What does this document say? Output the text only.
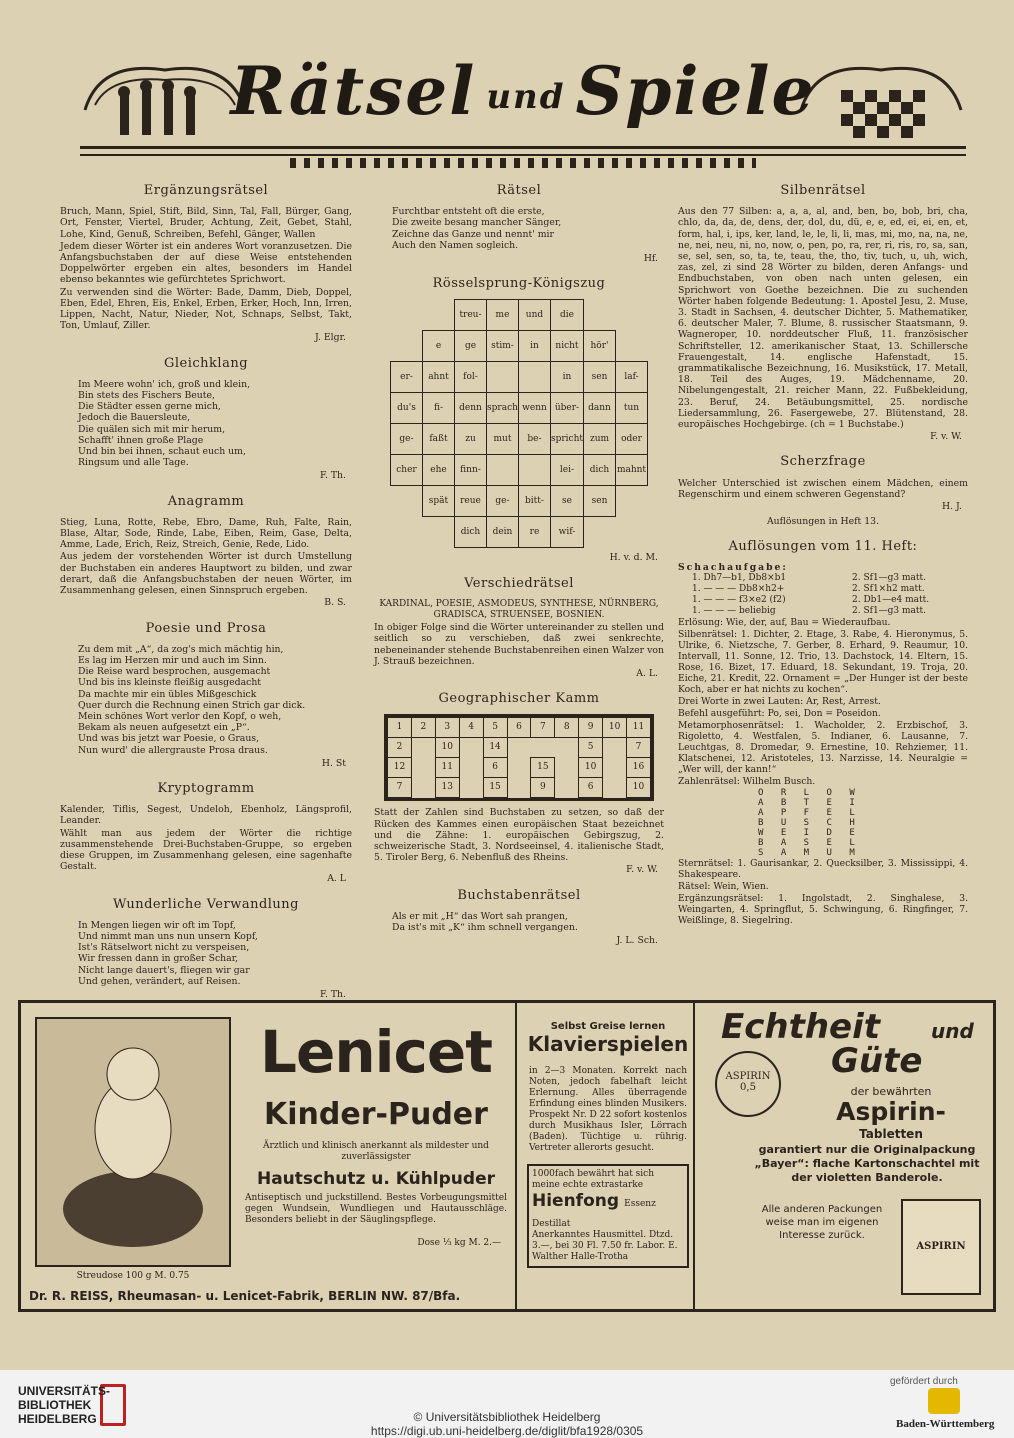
Rätsel und Spiele
Ergänzungsrätsel

Bruch, Mann, Spiel, Stift, Bild, Sinn, Tal, Fall, Bürger, Gang, Ort, Fenster, Viertel, Bruder, Achtung, Zeit, Gebet, Stahl, Lohe, Kind, Genuß, Schreiben, Befehl, Gänger, Wallen

Jedem dieser Wörter ist ein anderes Wort voranzusetzen. Die Anfangsbuchstaben der auf diese Weise entstehenden Doppelwörter ergeben ein altes, besonders im Handel ebenso bekanntes wie gefürchtetes Sprichwort.

Zu verwenden sind die Wörter: Bade, Damm, Dieb, Doppel, Eben, Edel, Ehren, Eis, Enkel, Erben, Erker, Hoch, Inn, Irren, Lippen, Nacht, Natur, Nieder, Not, Schnaps, Selbst, Takt, Ton, Umlauf, Ziller.

J. Elgr.
Gleichklang
Im Meere wohn' ich, groß und klein,
Bin stets des Fischers Beute,
Die Städter essen gerne mich,
Jedoch die Bauersleute,
Die quälen sich mit mir herum,
Schafft' ihnen große Plage
Und bin bei ihnen, schaut euch um,
Ringsum und alle Tage.
F. Th.
Anagramm

Stieg, Luna, Rotte, Rebe, Ebro, Dame, Ruh, Falte, Rain, Blase, Altar, Sode, Rinde, Labe, Eiben, Reim, Gase, Delta, Amme, Lade, Erich, Reiz, Streich, Genie, Rede, Lido.

Aus jedem der vorstehenden Wörter ist durch Umstellung der Buchstaben ein anderes Hauptwort zu bilden, und zwar derart, daß die Anfangsbuchstaben der neuen Wörter, im Zusammenhang gelesen, einen Sinnspruch ergeben.

B. S.
Poesie und Prosa
Zu dem mit „A“, da zog's mich mächtig hin,
Es lag im Herzen mir und auch im Sinn.
Die Reise ward besprochen, ausgemacht
Und bis ins kleinste fleißig ausgedacht
Da machte mir ein übles Mißgeschick
Quer durch die Rechnung einen Strich gar dick.
Mein schönes Wort verlor den Kopf, o weh,
Bekam als neuen aufgesetzt ein „P“.
Und was bis jetzt war Poesie, o Graus,
Nun wurd' die allergrauste Prosa draus.
H. St
Kryptogramm

Kalender, Tiflis, Segest, Undeloh, Ebenholz, Längsprofil, Leander.

Wählt man aus jedem der Wörter die richtige zusammenstehende Drei-Buchstaben-Gruppe, so ergeben diese Gruppen, im Zusammenhang gelesen, eine sagenhafte Gestalt.

A. L
Wunderliche Verwandlung
In Mengen liegen wir oft im Topf,
Und nimmt man uns nun unsern Kopf,
Ist's Rätselwort nicht zu verspeisen,
Wir fressen dann in großer Schar,
Nicht lange dauert's, fliegen wir gar
Und gehen, verändert, auf Reisen.
F. Th.
Rätsel
Furchtbar entsteht oft die erste,
Die zweite besang mancher Sänger,
Zeichne das Ganze und nennt' mir
Auch den Namen sogleich.
Hf.
Rösselsprung-Königszug
		treu-	me	und	die		
	e	ge	stim-	in	nicht	hör'	
er-	ahnt	fol-			in	sen	laf-
du's	fi-	denn	sprach	wenn	über-	dann	tun
ge-	faßt	zu	mut	be-	spricht	zum	oder
cher	ehe	finn-			lei-	dich	mahnt
	spät	reue	ge-	bitt-	se	sen	
		dich	dein	re	wif-		
H. v. d. M.
Verschiedrätsel

KARDINAL, POESIE, ASMODEUS, SYNTHESE, NÜRNBERG, GRADISCA, STRUENSEE, BOSNIEN.

In obiger Folge sind die Wörter untereinander zu stellen und seitlich so zu verschieben, daß zwei senkrechte, nebeneinander stehende Buchstabenreihen einen Walzer von J. Strauß bezeichnen.

A. L.
Geographischer Kamm
1	2	3	4	5	6	7	8	9	10	11
2		10		14				5		7
12		11		6		15		10		16
7		13		15		9		6		10

Statt der Zahlen sind Buchstaben zu setzen, so daß der Rücken des Kammes einen europäischen Staat bezeichnet und die Zähne: 1. europäischen Gebirgszug, 2. schweizerische Stadt, 3. Nordseeinsel, 4. italienische Stadt, 5. Tiroler Berg, 6. Nebenfluß des Rheins.

F. v. W.
Buchstabenrätsel
Als er mit „H“ das Wort sah prangen,
Da ist's mit „K“ ihm schnell vergangen.
J. L. Sch.
Silbenrätsel

Aus den 77 Silben: a, a, a, al, and, ben, bo, bob, bri, cha, chlo, da, da, de, dens, der, dol, du, dü, e, e, ed, ei, ei, en, et, form, hal, i, ips, ker, land, le, le, li, li, mas, mi, mo, na, na, ne, ne, nei, neu, ni, no, now, o, pen, po, ra, rer, ri, ris, ro, sa, san, se, sel, sen, so, ta, te, teau, the, tho, tiv, tuch, u, uh, wich, zas, zel, zi sind 28 Wörter zu bilden, deren Anfangs- und Endbuchstaben, von oben nach unten gelesen, ein Sprichwort von Goethe bezeichnen. Die zu suchenden Wörter haben folgende Bedeutung: 1. Apostel Jesu, 2. Muse, 3. Stadt in Sachsen, 4. deutscher Dichter, 5. Mathematiker, 6. deutscher Maler, 7. Blume, 8. russischer Staatsmann, 9. Wagneroper, 10. norddeutscher Fluß, 11. französischer Schriftsteller, 12. amerikanischer Staat, 13. Schillersche Frauengestalt, 14. englische Hafenstadt, 15. grammatikalische Bezeichnung, 16. Musikstück, 17. Metall, 18. Teil des Auges, 19. Mädchenname, 20. Nibelungengestalt, 21. reicher Mann, 22. Fußbekleidung, 23. Beruf, 24. Betäubungsmittel, 25. nordische Liedersammlung, 26. Fasergewebe, 27. Blütenstand, 28. europäisches Hochgebirge. (ch = 1 Buchstabe.)

F. v. W.
Scherzfrage

Welcher Unterschied ist zwischen einem Mädchen, einem Regenschirm und einem schweren Gegenstand?

H. J.

Auflösungen in Heft 13.

Auflösungen vom 11. Heft:
Schachaufgabe:
1. Dh7—b1, Db8×b1	2. Sf1—g3 matt.
1. — — — Db8×h2+	2. Sf1×h2 matt.
1. — — — f3×e2 (f2)	2. Db1—e4 matt.
1. — — — beliebig	2. Sf1—g3 matt.

Erlösung: Wie, der, auf, Bau = Wiederaufbau.

Silbenrätsel: 1. Dichter, 2. Etage, 3. Rabe, 4. Hieronymus, 5. Ulrike, 6. Nietzsche, 7. Gerber, 8. Erhard, 9. Reaumur, 10. Intervall, 11. Sonne, 12. Trio, 13. Dachstock, 14. Eltern, 15. Rose, 16. Bizet, 17. Eduard, 18. Sekundant, 19. Troja, 20. Eiche, 21. Kredit, 22. Ornament = „Der Hunger ist der beste Koch, aber er hat nichts zu kochen“.

Drei Worte in zwei Lauten: Ar, Rest, Arrest.

Befehl ausgeführt: Po, sei, Don = Poseidon.

Metamorphosenrätsel: 1. Wacholder, 2. Erzbischof, 3. Rigoletto, 4. Westfalen, 5. Indianer, 6. Lausanne, 7. Leuchtgas, 8. Dromedar, 9. Ernestine, 10. Rehziemer, 11. Klatschenei, 12. Aristoteles, 13. Narzisse, 14. Neuralgie = „Wer will, der kann!“

Zahlenrätsel: Wilhelm Busch.

O R L O W
A B T E I
A P F E L
B U S C H
W E I D E
B A S E L
S A M U M

Sternrätsel: 1. Gaurisankar, 2. Quecksilber, 3. Mississippi, 4. Shakespeare.

Rätsel: Wein, Wien.

Ergänzungsrätsel: 1. Ingolstadt, 2. Singhalese, 3. Weingarten, 4. Springflut, 5. Schwingung, 6. Ringfinger, 7. Weißlinge, 8. Siegelring.

Lenicet
Kinder-Puder
Ärztlich und klinisch anerkannt als mildester und zuverlässigster
Hautschutz u. Kühlpuder
Antiseptisch und juckstillend. Bestes Vorbeugungsmittel gegen Wundsein, Wundliegen und Hautausschläge. Besonders beliebt in der Säuglingspflege.
Dose ⅓ kg M. 2.—
Streudose 100 g M. 0.75
Dr. R. REISS, Rheumasan- u. Lenicet-Fabrik, BERLIN NW. 87/Bfa.
Selbst Greise lernen
Klavierspielen
in 2—3 Monaten. Korrekt nach Noten, jedoch fabelhaft leicht Erlernung. Alles überragende Erfindung eines blinden Musikers. Prospekt Nr. D 22 sofort kostenlos durch Musikhaus Isler, Lörrach (Baden). Tüchtige u. rührig. Vertreter allerorts gesucht.
1000fach bewährt hat sich meine echte extrastarke
Hienfong Essenz Destillat
Anerkanntes Hausmittel. Dtzd. 3.—, bei 30 Fl. 7.50 fr. Labor. E. Walther Halle-Trotha
Echtheit	und
Güte
ASPIRIN
0,5	der bewährten
Aspirin-
Tabletten
garantiert nur die Originalpackung „Bayer“: flache Kartonschachtel mit der violetten Banderole.
Alle anderen Packungen weise man im eigenen Interesse zurück.
ASPIRIN
UNIVERSITÄTS-
BIBLIOTHEK
HEIDELBERG	© Universitätsbibliothek Heidelberg
https://digi.ub.uni-heidelberg.de/diglit/bfa1928/0305
gefördert durch
Baden-Württemberg
